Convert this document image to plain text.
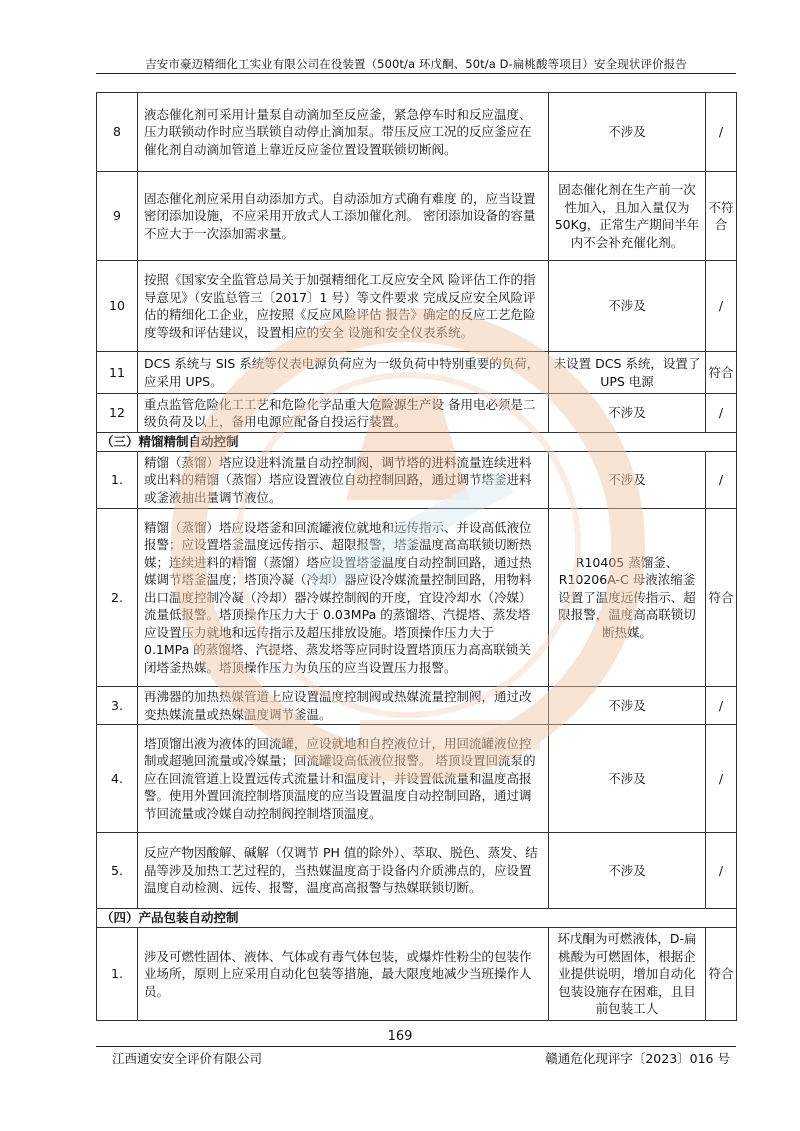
吉安市豪迈精细化工实业有限公司在役装置（500t/a 环戊酮、50t/a D-扁桃酸等项目）安全现状评价报告
8	液态催化剂可采用计量泵自动滴加至反应釜，紧急停车时和反应温度、压力联锁动作时应当联锁自动停止滴加泵。带压反应工况的反应釜应在催化剂自动滴加管道上靠近反应釜位置设置联锁切断阀。	不涉及	/
9	固态催化剂应采用自动添加方式。自动添加方式确有难度 的，应当设置密闭添加设施，不应采用开放式人工添加催化剂。 密闭添加设备的容量不应大于一次添加需求量。	固态催化剂在生产前一次性加入，且加入量仅为 50Kg，正常生产期间半年内不会补充催化剂。	不符合
10	按照《国家安全监管总局关于加强精细化工反应安全风 险评估工作的指导意见》（安监总管三〔2017〕1 号）等文件要求 完成反应安全风险评估的精细化工企业，应按照《反应风险评估 报告》确定的反应工艺危险度等级和评估建议，设置相应的安全 设施和安全仪表系统。	不涉及	/
11	DCS 系统与 SIS 系统等仪表电源负荷应为一级负荷中特别重要的负荷，应采用 UPS。	未设置 DCS 系统，设置了 UPS 电源	符合
12	重点监管危险化工工艺和危险化学品重大危险源生产设 备用电必须是二级负荷及以上，备用电源应配备自投运行装置。	不涉及	/
（三）精馏精制自动控制			
1.	精馏（蒸馏）塔应设进料流量自动控制阀，调节塔的进料流量连续进料或出料的精馏（蒸馏）塔应设置液位自动控制回路，通过调节塔釜进料或釜液抽出量调节液位。	不涉及	/
2.	精馏（蒸馏）塔应设塔釜和回流罐液位就地和远传指示、并设高低液位报警；应设置塔釜温度远传指示、超限报警，塔釜温度高高联锁切断热媒；连续进料的精馏（蒸馏）塔应设置塔釜温度自动控制回路，通过热媒调节塔釜温度；塔顶冷凝（冷却）器应设冷媒流量控制回路，用物料出口温度控制冷凝（冷却）器冷媒控制阀的开度，宜设冷却水（冷媒）流量低报警。塔顶操作压力大于 0.03MPa 的蒸馏塔、汽提塔、蒸发塔应设置压力就地和远传指示及超压排放设施。塔顶操作压力大于 0.1MPa 的蒸馏塔、汽提塔、蒸发塔等应同时设置塔顶压力高高联锁关闭塔釜热媒。塔顶操作压力为负压的应当设置压力报警。	R10405 蒸馏釜、R10206A-C 母液浓缩釜设置了温度远传指示、超限报警，温度高高联锁切断热媒。	符合
3.	再沸器的加热热媒管道上应设置温度控制阀或热媒流量控制阀，通过改变热媒流量或热媒温度调节釜温。	不涉及	/
4.	塔顶馏出液为液体的回流罐，应设就地和自控液位计，用回流罐液位控制或超驰回流量或冷媒量；回流罐设高低液位报警。 塔顶设置回流泵的应在回流管道上设置远传式流量计和温度计，并设置低流量和温度高报警。使用外置回流控制塔顶温度的应当设置温度自动控制回路，通过调节回流量或冷媒自动控制阀控制塔顶温度。	不涉及	/
5.	反应产物因酸解、碱解（仅调节 PH 值的除外）、萃取、脱色、蒸发、结晶等涉及加热工艺过程的，当热媒温度高于设备内介质沸点的，应设置温度自动检测、远传、报警，温度高高报警与热媒联锁切断。	不涉及	/
（四）产品包装自动控制			
1.	涉及可燃性固体、液体、气体或有毒气体包装，或爆炸性粉尘的包装作业场所，原则上应采用自动化包装等措施，最大限度地减少当班操作人员。	环戊酮为可燃液体，D-扁桃酸为可燃固体，根据企业提供说明，增加自动化包装设施存在困难，且目前包装工人	符合
169
江西通安安全评价有限公司	赣通危化现评字〔2023〕016 号
